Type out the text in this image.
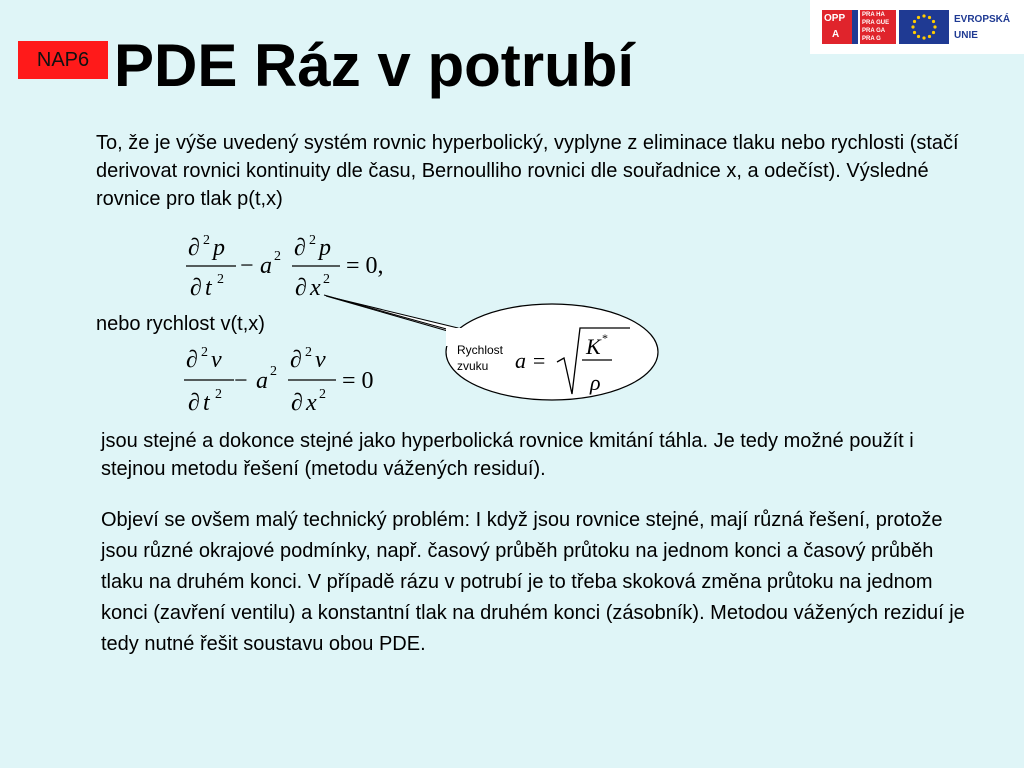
NAP6 PDE Ráz v potrubí
OPP
A
PRA HA
PRA GUE
PRA GA
PRA G
EVROPSKÁ
UNIE

To, že je výše uvedený systém rovnic hyperbolický, vyplyne z eliminace tlaku nebo rychlosti (stačí derivovat rovnici kontinuity dle času, Bernoulliho rovnici dle souřadnice x, a odečíst). Výsledné rovnice pro tlak p(t,x)

∂ 2 p
∂ t 2
− a 2 ∂ 2 p
∂ x 2
= 0,
Rychlost
zvuku a =
K *
ρ

nebo rychlost v(t,x)

∂ 2 v
∂ t 2
− a 2 ∂ 2 v
∂ x 2
= 0

jsou stejné a dokonce stejné jako hyperbolická rovnice kmitání táhla. Je tedy možné použít i stejnou metodu řešení (metodu vážených residuí).

Objeví se ovšem malý technický problém: I když jsou rovnice stejné, mají různá řešení, protože jsou různé okrajové podmínky, např. časový průběh průtoku na jednom konci a časový průběh tlaku na druhém konci. V případě rázu v potrubí je to třeba skoková změna průtoku na jednom konci (zavření ventilu) a konstantní tlak na druhém konci (zásobník). Metodou vážených reziduí je tedy nutné řešit soustavu obou PDE.
